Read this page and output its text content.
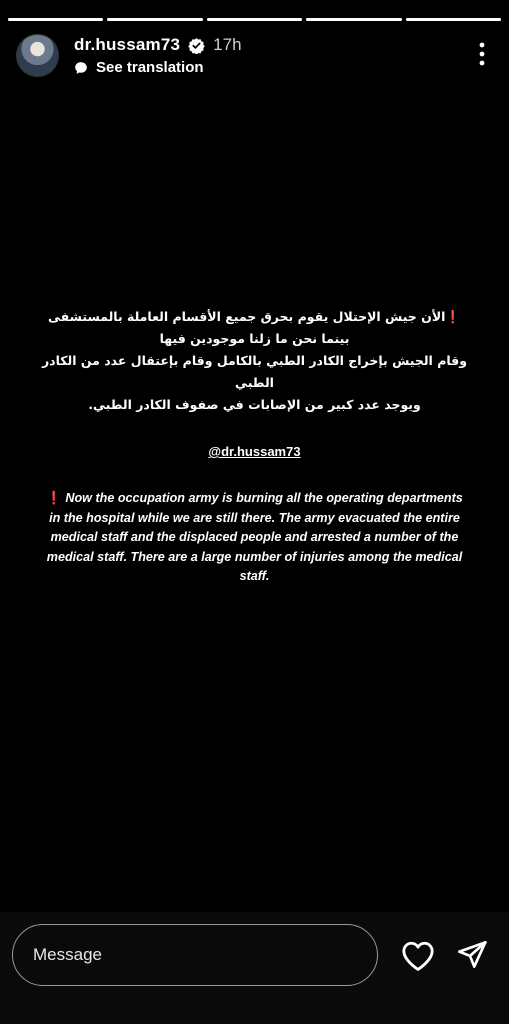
dr.hussam73 17h
See translation

❗الأن جيش الإحتلال يقوم بحرق جميع الأقسام العاملة بالمستشفى بينما نحن ما زلنا موجودين فيها
وقام الجيش بإخراج الكادر الطبي بالكامل وقام بإعتقال عدد من الكادر الطبي
ويوجد عدد كبير من الإصابات في صفوف الكادر الطبي.

@dr.hussam73

❗ Now the occupation army is burning all the operating departments in the hospital while we are still there. The army evacuated the entire medical staff and the displaced people and arrested a number of the medical staff. There are a large number of injuries among the medical staff.

Message
